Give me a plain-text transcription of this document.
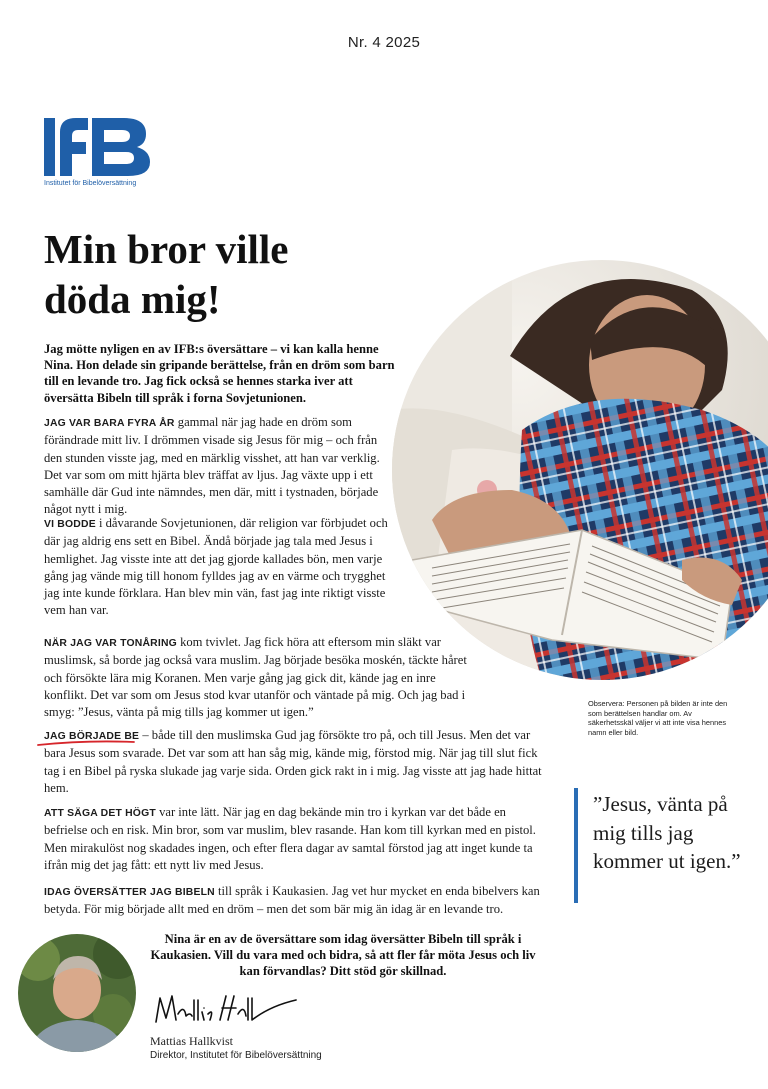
Nr. 4 2025
Institutet för Bibelöversättning
Min bror ville
döda mig!
Jag mötte nyligen en av IFB:s översättare – vi kan kalla henne Nina. Hon delade sin gripande berättelse, från en dröm som barn till en levande tro. Jag fick också se hennes starka iver att översätta Bibeln till språk i forna Sovjetunionen.
JAG VAR BARA FYRA ÅR gammal när jag hade en dröm som förändrade mitt liv. I drömmen visade sig Jesus för mig – och från den stunden visste jag, med en märklig visshet, att han var verklig. Det var som om mitt hjärta blev träffat av ljus. Jag växte upp i ett samhälle där Gud inte nämndes, men där, mitt i tystnaden, började något nytt i mig.
VI BODDE i dåvarande Sovjetunionen, där religion var förbjudet och där jag aldrig ens sett en Bibel. Ändå började jag tala med Jesus i hemlighet. Jag visste inte att det jag gjorde kallades bön, men varje gång jag vände mig till honom fylldes jag av en värme och trygghet jag inte kunde förklara. Han blev min vän, fast jag inte riktigt visste vem han var.
NÄR JAG VAR TONÅRING kom tvivlet. Jag fick höra att eftersom min släkt var muslimsk, så borde jag också vara muslim. Jag började besöka moskén, täckte håret och försökte lära mig Koranen. Men varje gång jag gick dit, kände jag en inre konflikt. Det var som om Jesus stod kvar utanför och väntade på mig. Och jag bad i smyg: ”Jesus, vänta på mig tills jag kommer ut igen.”
JAG BÖRJADE BE – både till den muslimska Gud jag försökte tro på, och till Jesus. Men det var bara Jesus som svarade. Det var som att han såg mig, kände mig, förstod mig. När jag till slut fick tag i en Bibel på ryska slukade jag varje sida. Orden gick rakt in i mig. Jag visste att jag hade hittat hem.
ATT SÄGA DET HÖGT var inte lätt. När jag en dag bekände min tro i kyrkan var det både en befrielse och en risk. Min bror, som var muslim, blev rasande. Han kom till kyrkan med en pistol. Men mirakulöst nog skadades ingen, och efter flera dagar av samtal förstod jag att inget kunde ta ifrån mig det jag fått: ett nytt liv med Jesus.
IDAG ÖVERSÄTTER JAG BIBELN till språk i Kaukasien. Jag vet hur mycket en enda bibelvers kan betyda. För mig började allt med en dröm – men det som bär mig än idag är en levande tro.
Observera: Personen på bilden är inte den som berättelsen handlar om. Av säkerhetsskäl väljer vi att inte visa hennes namn eller bild.
”Jesus, vänta på mig tills jag kommer ut igen.”
Nina är en av de översättare som idag översätter Bibeln till språk i Kaukasien. Vill du vara med och bidra, så att fler får möta Jesus och liv kan förvandlas? Ditt stöd gör skillnad.
Mattias Hallkvist
Direktor, Institutet för Bibelöversättning
